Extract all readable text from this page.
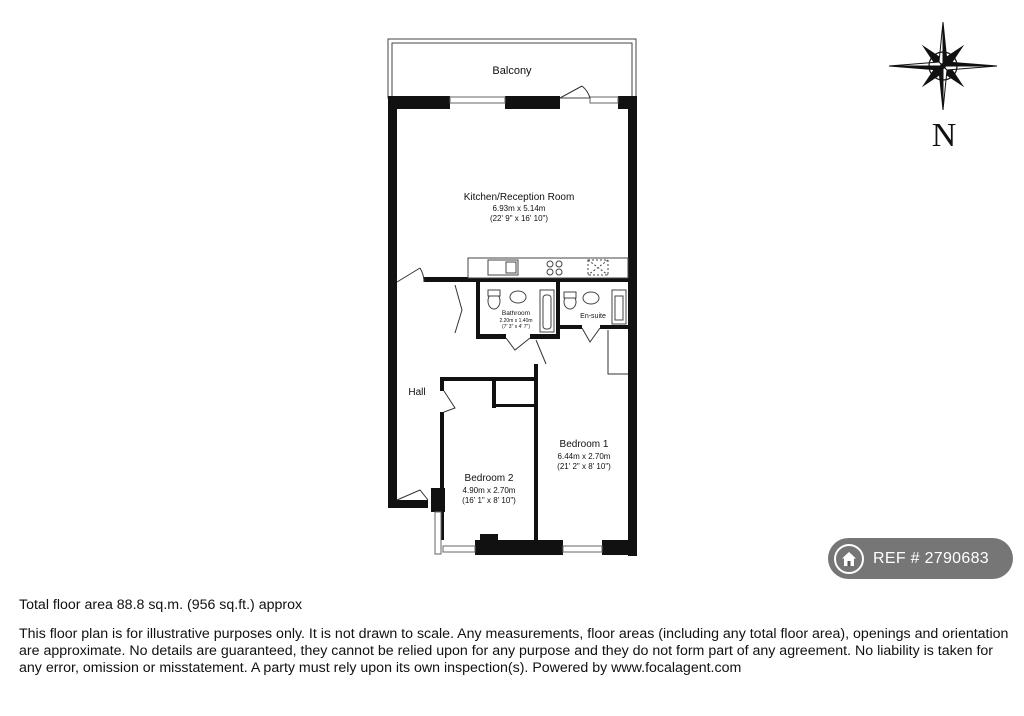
Balcony
Kitchen/Reception Room
6.93m x 5.14m
(22' 9" x 16' 10")
Bathroom
2.20m x 1.40m
(7' 3" x 4' 7")
En-suite
Hall
Bedroom 1
6.44m x 2.70m
(21' 2" x 8' 10")
Bedroom 2
4.90m x 2.70m
(16' 1" x 8' 10")
N
REF # 2790683

Total floor area 88.8 sq.m. (956 sq.ft.) approx

This floor plan is for illustrative purposes only. It is not drawn to scale. Any measurements, floor areas (including any total floor area), openings and orientation are approximate. No details are guaranteed, they cannot be relied upon for any purpose and they do not form part of any agreement. No liability is taken for any error, omission or misstatement. A party must rely upon its own inspection(s). Powered by www.focalagent.com
